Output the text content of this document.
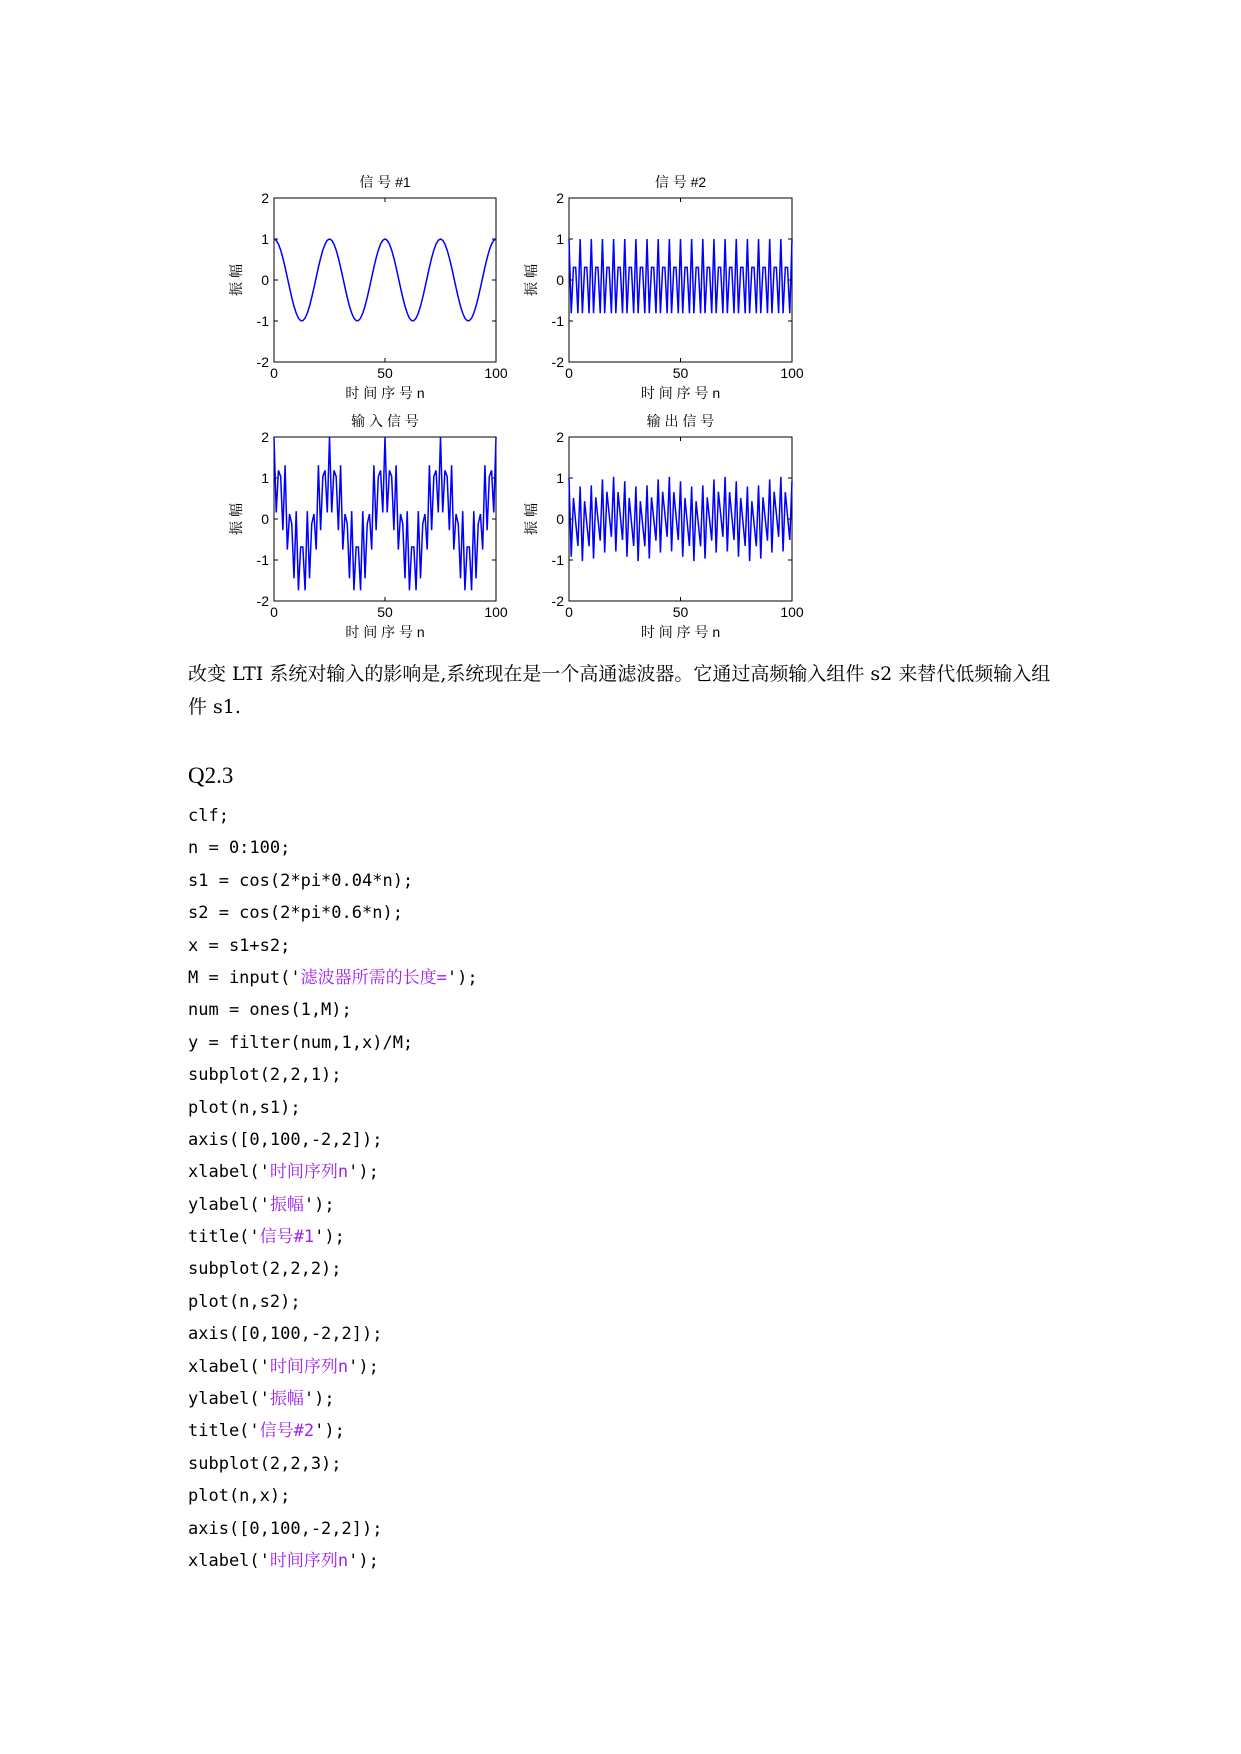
-2
-1
0
1
2
0	50	100
信 号 #1
时 间 序 号 n
振 幅
-2
-1
0
1
2
0	50	100
信 号 #2
时 间 序 号 n
振 幅
-2
-1
0
1
2
0	50	100
输 入 信 号
时 间 序 号 n
振 幅
-2
-1
0
1
2
0	50	100
输 出 信 号
时 间 序 号 n
振 幅

改变 LTI 系统对输入的影响是,系统现在是一个高通滤波器。它通过高频输入组件 s2 来替代低频输入组件 s1.

Q2.3
clf;
n = 0:100;
s1 = cos(2*pi*0.04*n);
s2 = cos(2*pi*0.6*n);
x = s1+s2;
M = input('滤波器所需的长度=');
num = ones(1,M);
y = filter(num,1,x)/M;
subplot(2,2,1);
plot(n,s1);
axis([0,100,-2,2]);
xlabel('时间序列n');
ylabel('振幅');
title('信号#1');
subplot(2,2,2);
plot(n,s2);
axis([0,100,-2,2]);
xlabel('时间序列n');
ylabel('振幅');
title('信号#2');
subplot(2,2,3);
plot(n,x);
axis([0,100,-2,2]);
xlabel('时间序列n');
